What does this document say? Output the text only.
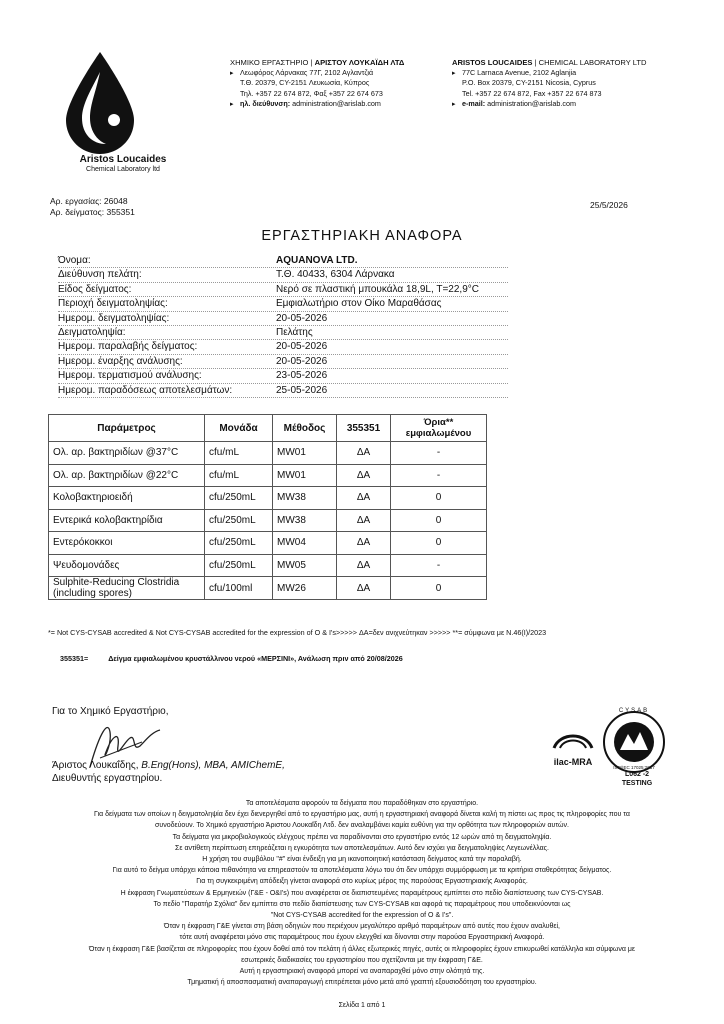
Aristos Loucaides
Chemical Laboratory ltd
ΧΗΜΙΚΟ ΕΡΓΑΣΤΗΡΙΟ | ΑΡΙΣΤΟΥ ΛΟΥΚΑΪΔΗ ΛΤΔ
▸ Λεωφόρος Λάρνακας 77Γ, 2102 Αγλαντζιά
Τ.Θ. 20379, CY-2151 Λευκωσία, Κύπρος
Τηλ. +357 22 674 872, Φαξ +357 22 674 673
▸ ηλ. διεύθυνση: administration@arislab.com
ARISTOS LOUCAIDES | CHEMICAL LABORATORY LTD
▸ 77C Larnaca Avenue, 2102 Aglanjia
P.O. Box 20379, CY-2151 Nicosia, Cyprus
Tel. +357 22 674 872, Fax +357 22 674 873
▸ e-mail: administration@arislab.com
Αρ. εργασίας: 26048
Αρ. δείγματος: 355351
25/5/2026
ΕΡΓΑΣΤΗΡΙΑΚΗ ΑΝΑΦΟΡΑ
Όνομα:	AQUANOVA LTD.
Διεύθυνση πελάτη:	Τ.Θ. 40433, 6304 Λάρνακα
Είδος δείγματος:	Νερό σε πλαστική μπουκάλα 18,9L, T=22,9°C
Περιοχή δειγματοληψίας:	Εμφιαλωτήριο στον Οίκο Μαραθάσας
Ημερομ. δειγματοληψίας:	20-05-2026
Δειγματοληψία:	Πελάτης
Ημερομ. παραλαβής δείγματος:	20-05-2026
Ημερομ. έναρξης ανάλυσης:	20-05-2026
Ημερομ. τερματισμού ανάλυσης:	23-05-2026
Ημερομ. παραδόσεως αποτελεσμάτων:	25-05-2026
Παράμετρος	Μονάδα	Μέθοδος	355351	Όρια** εμφιαλωμένου
Ολ. αρ. βακτηριδίων @37°C	cfu/mL	MW01	ΔΑ	-
Ολ. αρ. βακτηριδίων @22°C	cfu/mL	MW01	ΔΑ	-
Κολοβακτηριοειδή	cfu/250mL	MW38	ΔΑ	0
Εντερικά κολοβακτηρίδια	cfu/250mL	MW38	ΔΑ	0
Εντερόκοκκοι	cfu/250mL	MW04	ΔΑ	0
Ψευδομονάδες	cfu/250mL	MW05	ΔΑ	-
Sulphite-Reducing Clostridia (including spores)	cfu/100ml	MW26	ΔΑ	0
*= Not CYS-CYSAB accredited & Not CYS-CYSAB accredited for the expression of O & I's>>>>> ΔΑ=δεν ανιχνεύτηκαν >>>>> **= σύμφωνα με Ν.46(Ι)/2023
355351=	Δείγμα εμφιαλωμένου κρυστάλλινου νερού «ΜΕΡΣΙΝΙ», Ανάλωση πριν από 20/08/2026
Για το Χημικό Εργαστήριο,
Άριστος Λουκαΐδης, B.Eng(Hons), MBA, AMIChemE,
Διευθυντής εργαστηρίου.
ilac-MRA
CYSAB
ISO/IEC 17025:2017
L062 -2
TESTING
Τα αποτελέσματα αφορούν τα δείγματα που παραδόθηκαν στο εργαστήριο.
Για δείγματα των οποίων η δειγματοληψία δεν έχει διενεργηθεί από το εργαστήριο μας, αυτή η εργαστηριακή αναφορά δίνεται καλή τη πίστει ως προς τις πληροφορίες που τα
συνοδεύουν. Το Χημικό εργαστήριο Άριστου Λουκαΐδη Λτδ. δεν αναλαμβάνει καμία ευθύνη για την ορθότητα των πληροφοριών αυτών.
Τα δείγματα για μικροβιολογικούς ελέγχους πρέπει να παραδίνονται στο εργαστήριο εντός 12 ωρών από τη δειγματοληψία.
Σε αντίθετη περίπτωση επηρεάζεται η εγκυρότητα των αποτελεσμάτων. Αυτό δεν ισχύει για δειγματοληψίες Λεγεωνέλλας.
Η χρήση του συμβόλου "#" είναι ένδειξη για μη ικανοποιητική κατάσταση δείγματος κατά την παραλαβή.
Για αυτό το δείγμα υπάρχει κάποια πιθανότητα να επηρεαστούν τα αποτελέσματα λόγω του ότι δεν υπάρχει συμμόρφωση με τα κριτήρια σταθερότητας δείγματος.
Για τη συγκεκριμένη απόδειξη γίνεται αναφορά στο κυρίως μέρος της παρούσας Εργαστηριακής Αναφοράς.
Η έκφραση Γνωματεύσεων & Ερμηνειών (Γ&Ε - O&I's) που αναφέρεται σε διαπιστευμένες παραμέτρους εμπίπτει στο πεδίο διαπίστευσης των CYS-CYSAB.
Το πεδίο "Παρατήρ Σχόλια" δεν εμπίπτει στο πεδίο διαπίστευσης των CYS-CYSAB και αφορά τις παραμέτρους που υποδεικνύονται ως
"Not CYS-CYSAB accredited for the expression of O & I's".
Όταν η έκφραση Γ&Ε γίνεται στη βάση οδηγιών που περιέχουν μεγαλύτερο αριθμό παραμέτρων από αυτές που έχουν αναλυθεί,
τότε αυτή αναφέρεται μόνο στις παραμέτρους που έχουν ελεγχθεί και δίνονται στην παρούσα Εργαστηριακή Αναφορά.
Όταν η έκφραση Γ&Ε βασίζεται σε πληροφορίες που έχουν δοθεί από τον πελάτη ή άλλες εξωτερικές πηγές, αυτές οι πληροφορίες έχουν επικυρωθεί κατάλληλα και σύμφωνα με
εσωτερικές διαδικασίες του εργαστηρίου που σχετίζονται με την έκφραση Γ&Ε.
Αυτή η εργαστηριακή αναφορά μπορεί να αναπαραχθεί μόνο στην ολότητά της.
Τμηματική ή αποσπασματική αναπαραγωγή επιτρέπεται μόνο μετά από γραπτή εξουσιοδότηση του εργαστηρίου.
Σελίδα 1 από 1
